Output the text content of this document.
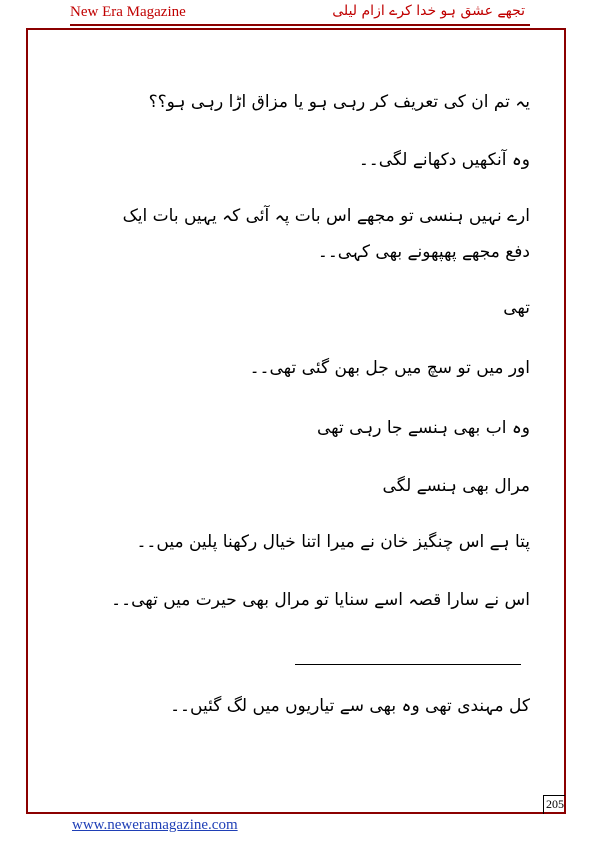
New Era Magazine	تجھے عشق ہو خدا کرے ازام لیلی

یہ تم ان کی تعریف کر رہی ہو یا مزاق اڑا رہی ہو؟؟

وہ آنکھیں دکھانے لگی۔۔

ارے نہیں ہنسی تو مجھے اس بات پہ آئی کہ یہیں بات ایک دفع مجھے پھپھونے بھی کہی۔۔

تھی

اور میں تو سچ میں جل بھن گئی تھی۔۔

وہ اب بھی ہنسے جا رہی تھی

مرال بھی ہنسے لگی

پتا ہے اس چنگیز خان نے میرا اتنا خیال رکھنا پلین میں۔۔

اس نے سارا قصہ اسے سنایا تو مرال بھی حیرت میں تھی۔۔

کل مہندی تھی وہ بھی سے تیاریوں میں لگ گئیں۔۔

205
www.neweramagazine.com
